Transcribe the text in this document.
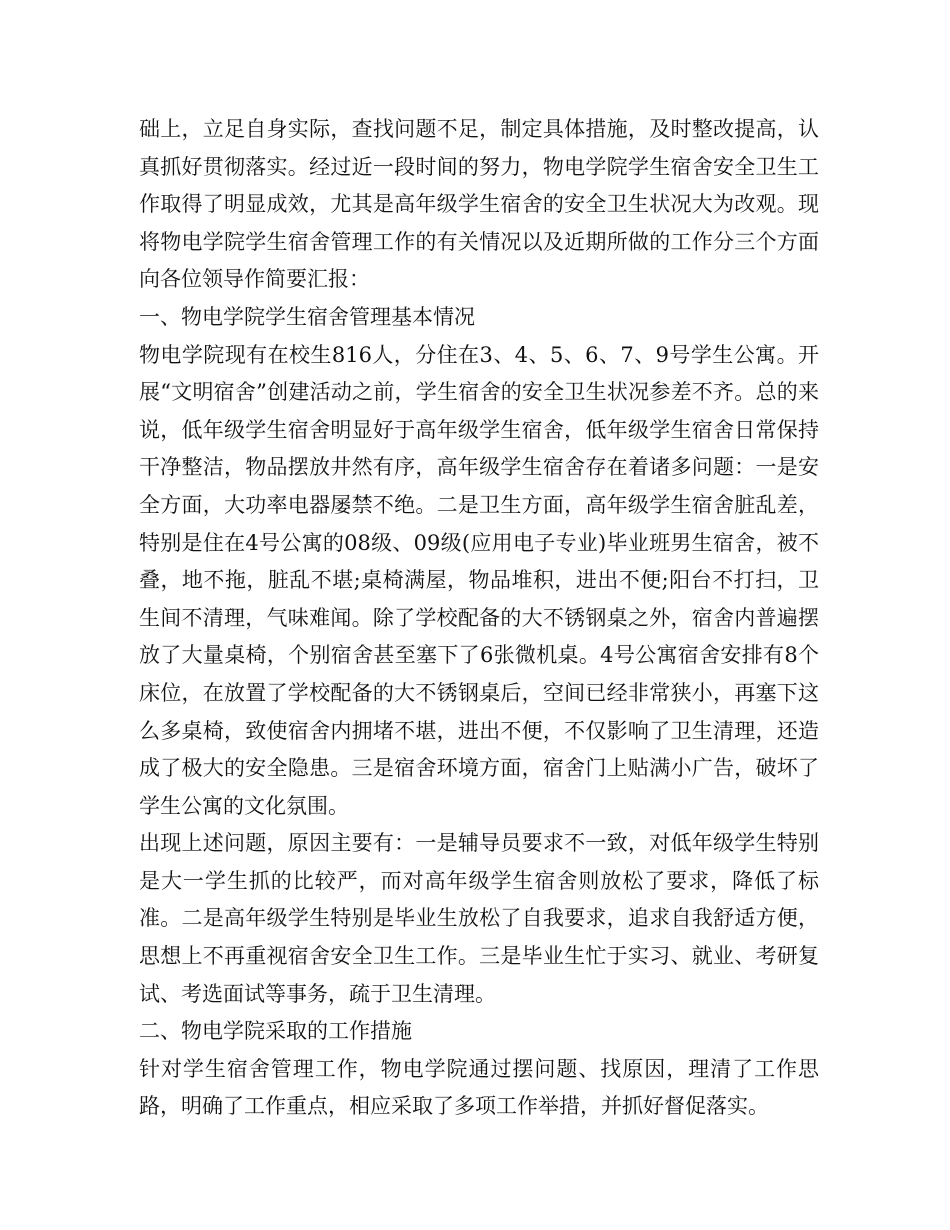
础上，立足自身实际，查找问题不足，制定具体措施，及时整改提高，认真抓好贯彻落实。经过近一段时间的努力，物电学院学生宿舍安全卫生工作取得了明显成效，尤其是高年级学生宿舍的安全卫生状况大为改观。现将物电学院学生宿舍管理工作的有关情况以及近期所做的工作分三个方面向各位领导作简要汇报：

一、物电学院学生宿舍管理基本情况

物电学院现有在校生816人，分住在3、4、5、6、7、9号学生公寓。开展“文明宿舍”创建活动之前，学生宿舍的安全卫生状况参差不齐。总的来说，低年级学生宿舍明显好于高年级学生宿舍，低年级学生宿舍日常保持干净整洁，物品摆放井然有序，高年级学生宿舍存在着诸多问题：一是安全方面，大功率电器屡禁不绝。二是卫生方面，高年级学生宿舍脏乱差，特别是住在4号公寓的08级、09级(应用电子专业)毕业班男生宿舍，被不叠，地不拖，脏乱不堪;桌椅满屋，物品堆积，进出不便;阳台不打扫，卫生间不清理，气味难闻。除了学校配备的大不锈钢桌之外，宿舍内普遍摆放了大量桌椅，个别宿舍甚至塞下了6张微机桌。4号公寓宿舍安排有8个床位，在放置了学校配备的大不锈钢桌后，空间已经非常狭小，再塞下这么多桌椅，致使宿舍内拥堵不堪，进出不便，不仅影响了卫生清理，还造成了极大的安全隐患。三是宿舍环境方面，宿舍门上贴满小广告，破坏了学生公寓的文化氛围。

出现上述问题，原因主要有：一是辅导员要求不一致，对低年级学生特别是大一学生抓的比较严，而对高年级学生宿舍则放松了要求，降低了标准。二是高年级学生特别是毕业生放松了自我要求，追求自我舒适方便，思想上不再重视宿舍安全卫生工作。三是毕业生忙于实习、就业、考研复试、考选面试等事务，疏于卫生清理。

二、物电学院采取的工作措施

针对学生宿舍管理工作，物电学院通过摆问题、找原因，理清了工作思路，明确了工作重点，相应采取了多项工作举措，并抓好督促落实。
